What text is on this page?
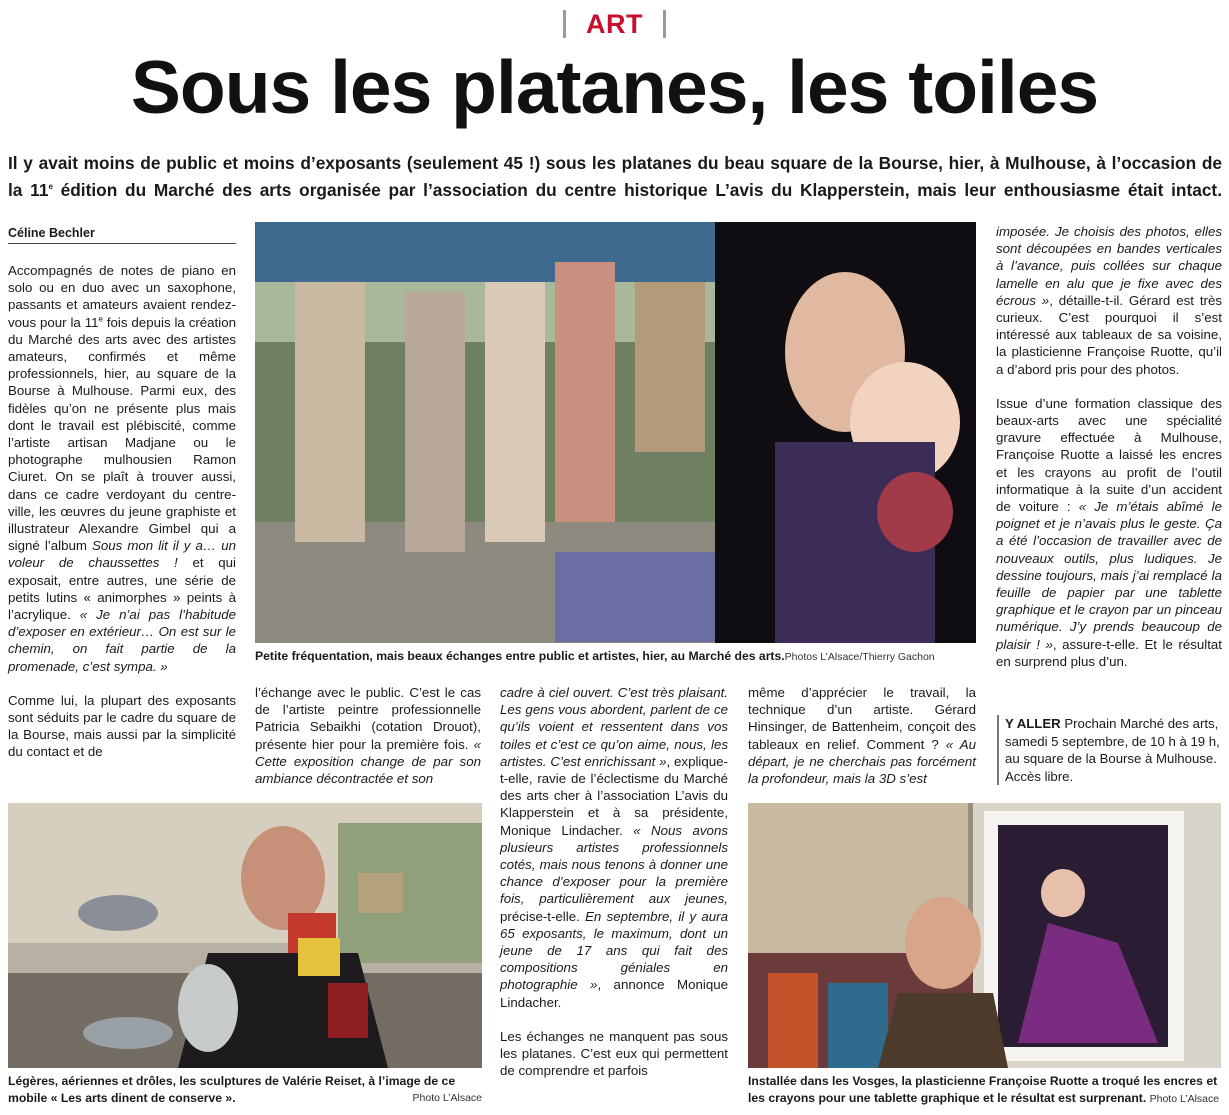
ART
Sous les platanes, les toiles

Il y avait moins de public et moins d’exposants (seulement 45 !) sous les platanes du beau square de la Bourse, hier, à Mulhouse, à l’occasion de

la 11e édition du Marché des arts organisée par l’association du centre historique L’avis du Klapperstein, mais leur enthousiasme était intact.

Céline Bechler

Accompagnés de notes de piano en solo ou en duo avec un saxophone, passants et amateurs avaient rendez-vous pour la 11e fois depuis la création du Marché des arts avec des artistes amateurs, confirmés et même professionnels, hier, au square de la Bourse à Mulhouse. Parmi eux, des fidèles qu’on ne présente plus mais dont le travail est plébiscité, comme l’artiste artisan Madjane ou le photographe mulhousien Ramon Ciuret. On se plaît à trouver aussi, dans ce cadre verdoyant du centre-ville, les œuvres du jeune graphiste et illustrateur Alexandre Gimbel qui a signé l’album Sous mon lit il y a… un voleur de chaussettes ! et qui exposait, entre autres, une série de petits lutins « animorphes » peints à l’acrylique. « Je n’ai pas l’habitude d’exposer en extérieur… On est sur le chemin, on fait partie de la promenade, c’est sympa. »

Comme lui, la plupart des exposants sont séduits par le cadre du square de la Bourse, mais aussi par la simplicité du contact et de

Petite fréquentation, mais beaux échanges entre public et artistes, hier, au Marché des arts.Photos L’Alsace/Thierry Gachon

l’échange avec le public. C’est le cas de l’artiste peintre professionnelle Patricia Sebaikhi (cotation Drouot), présente hier pour la première fois. « Cette exposition change de par son ambiance décontractée et son

cadre à ciel ouvert. C’est très plaisant. Les gens vous abordent, parlent de ce qu’ils voient et ressentent dans vos toiles et c’est ce qu’on aime, nous, les artistes. C’est enrichissant », explique-t-elle, ravie de l’éclectisme du Marché des arts cher à l’association L’avis du Klapperstein et à sa présidente, Monique Lindacher. « Nous avons plusieurs artistes professionnels cotés, mais nous tenons à donner une chance d’exposer pour la première fois, particulièrement aux jeunes, précise-t-elle. En septembre, il y aura 65 exposants, le maximum, dont un jeune de 17 ans qui fait des compositions géniales en photographie », annonce Monique Lindacher.

Les échanges ne manquent pas sous les platanes. C’est eux qui permettent de comprendre et parfois

même d’apprécier le travail, la technique d’un artiste. Gérard Hinsinger, de Battenheim, conçoit des tableaux en relief. Comment ? « Au départ, je ne cherchais pas forcément la profondeur, mais la 3D s’est

imposée. Je choisis des photos, elles sont découpées en bandes verticales à l’avance, puis collées sur chaque lamelle en alu que je fixe avec des écrous », détaille-t-il. Gérard est très curieux. C’est pourquoi il s’est intéressé aux tableaux de sa voisine, la plasticienne Françoise Ruotte, qu’il a d’abord pris pour des photos.

Issue d’une formation classique des beaux-arts avec une spécialité gravure effectuée à Mulhouse, Françoise Ruotte a laissé les encres et les crayons au profit de l’outil informatique à la suite d’un accident de voiture : « Je m’étais abîmé le poignet et je n’avais plus le geste. Ça a été l’occasion de travailler avec de nouveaux outils, plus ludiques. Je dessine toujours, mais j’ai remplacé la feuille de papier par une tablette graphique et le crayon par un pinceau numérique. J’y prends beaucoup de plaisir ! », assure-t-elle. Et le résultat en surprend plus d’un.

Y ALLER Prochain Marché des arts, samedi 5 septembre, de 10 h à 19 h, au square de la Bourse à Mulhouse. Accès libre.
Légères, aériennes et drôles, les sculptures de Valérie Reiset, à l’image de ce mobile « Les arts dinent de conserve ».	Photo L’Alsace
Installée dans les Vosges, la plasticienne Françoise Ruotte a troqué les encres et les crayons pour une tablette graphique et le résultat est surprenant. Photo L’Alsace
